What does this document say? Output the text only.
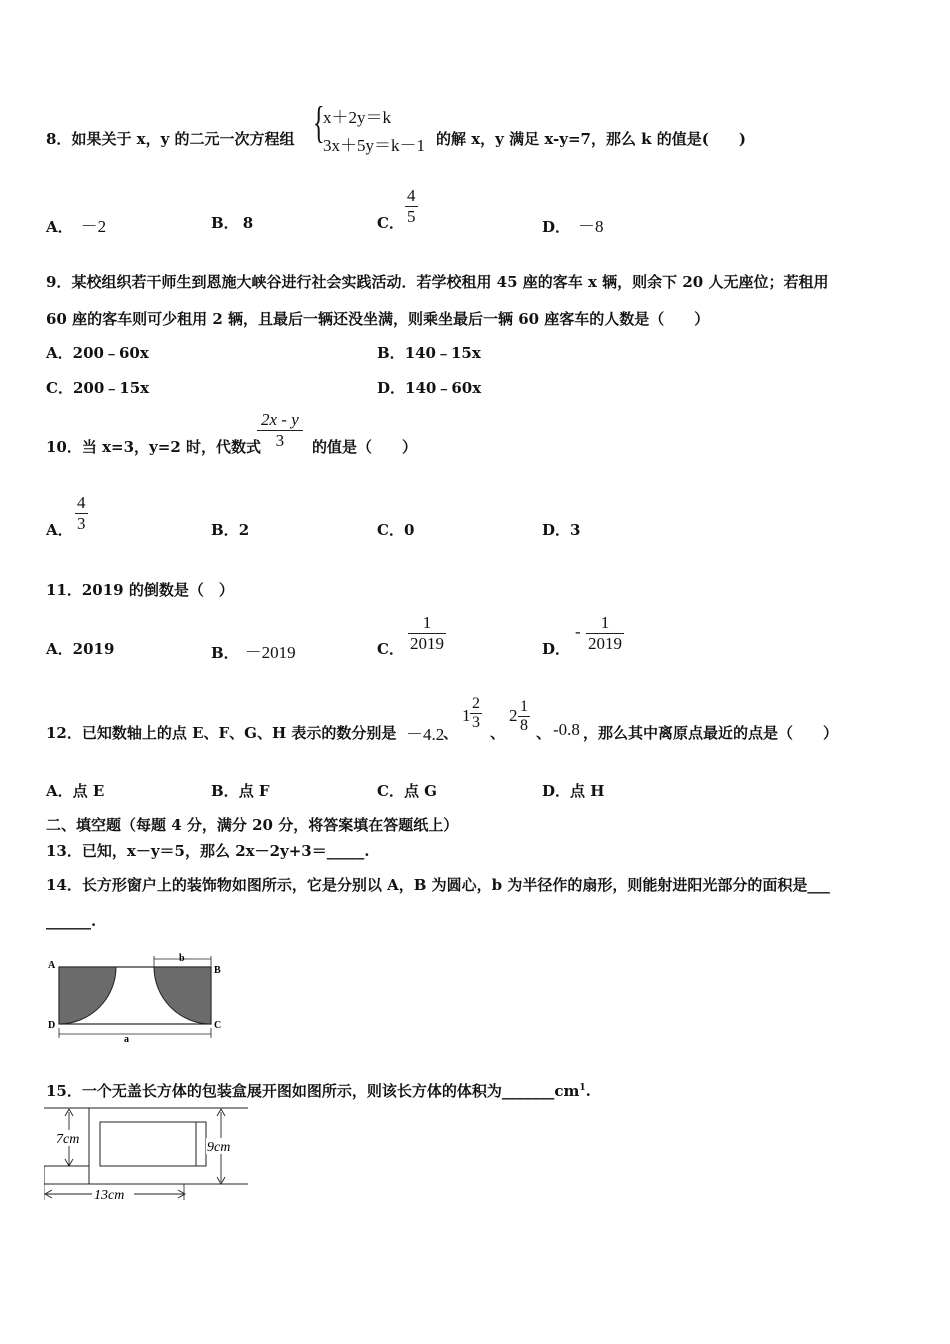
8．如果关于 x，y 的二元一次方程组 {
x＋2y＝k
3x＋5y＝k－1 的解 x，y 满足 x-y=7，那么 k 的值是(　　)
A． －2	B． 8	C． $\frac{4}{5}$
D． －8
9．某校组织若干师生到恩施大峡谷进行社会实践活动．若学校租用 45 座的客车 x 辆，则余下 20 人无座位；若租用
60 座的客车则可少租用 2 辆，且最后一辆还没坐满，则乘坐最后一辆 60 座客车的人数是（　　）
A．200﹣60x	B．140﹣15x
C．200﹣15x	D．140﹣60x
10．当 x=3，y=2 时，代数式
$\frac{2x - y}{3}$ 的值是（　　）
A． $\frac{4}{3}$	B．2	C．0	D．3
11．2019 的倒数是（　）
A．2019	B． －2019	C． $\frac{1}{2019}$	D．
- $\frac{1}{2019}$
12．已知数轴上的点 E、F、G、H 表示的数分别是 －4.2
、
$1 \frac{2}{3}$
、
$2 \frac{1}{8}$ 、 -0.8 ，那么其中离原点最近的点是（　　）
A．点 E	B．点 F	C．点 G	D．点 H
二、填空题（每题 4 分，满分 20 分，将答案填在答题纸上）
13．已知，x－y＝5，那么 2x－2y+3＝_____.
14．长方形窗户上的装饰物如图所示，它是分别以 A，B 为圆心，b 为半径作的扇形，则能射进阳光部分的面积是___
______.
A	B
C
D
b
a
15．一个无盖长方体的包装盒展开图如图所示，则该长方体的体积为$\_\_\_\_\_\_\_cm^1$.
7cm
9cm
13cm
